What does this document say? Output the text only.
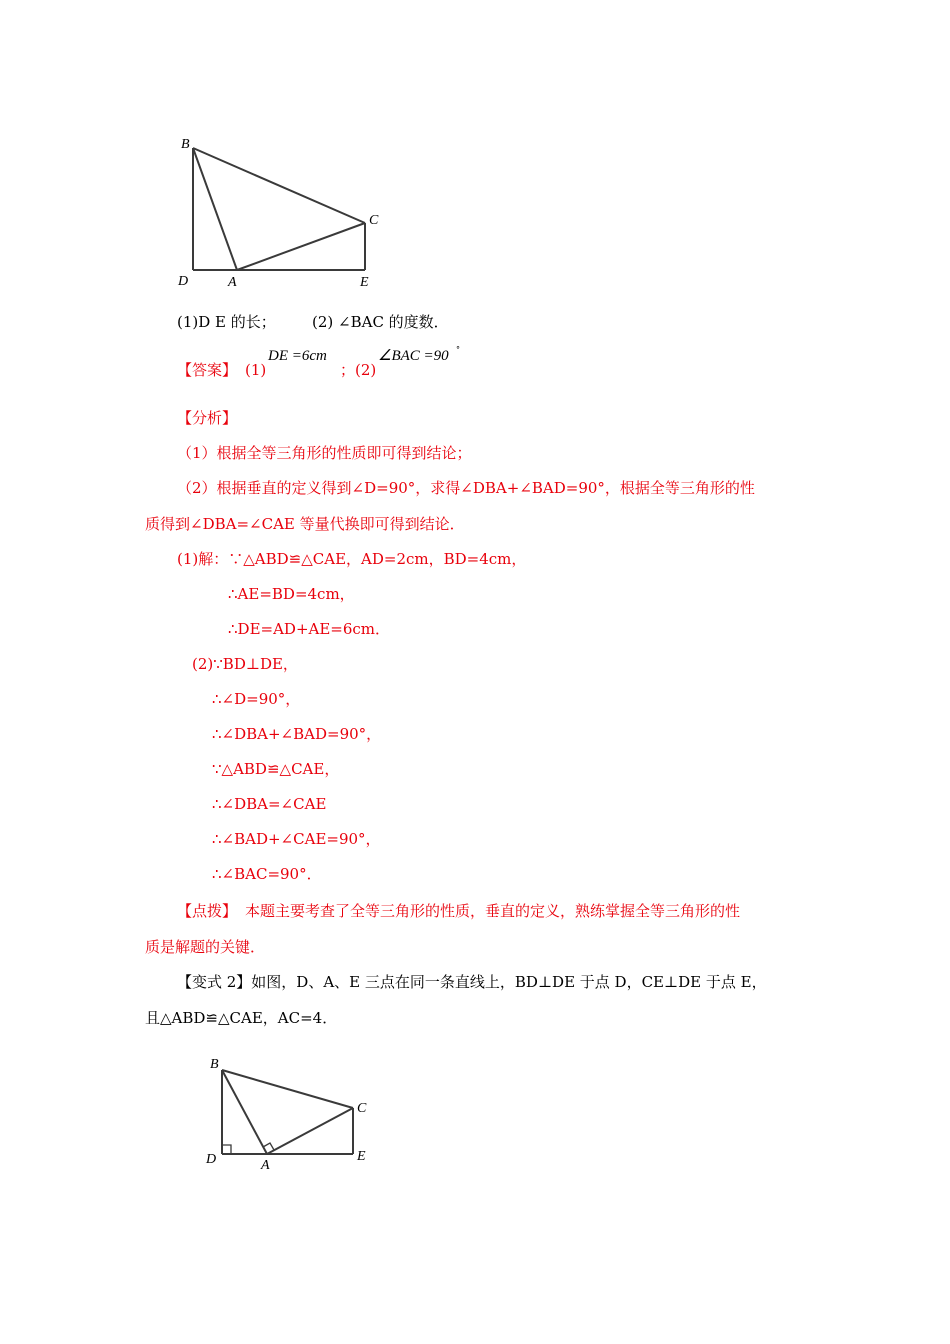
B
C
D	A	E
(1)D E 的长； (2) ∠BAC 的度数．
【答案】 (1)
DE =6cm
；(2)
∠BAC =90 °
【分析】
（1）根据全等三角形的性质即可得到结论；
（2）根据垂直的定义得到∠D=90°，求得∠DBA+∠BAD=90°，根据全等三角形的性
质得到∠DBA=∠CAE 等量代换即可得到结论．
(1)解：∵△ABD≌△CAE，AD=2cm，BD=4cm，
∴AE=BD=4cm，
∴DE=AD+AE=6cm．
(2)∵BD⊥DE，
∴∠D=90°，
∴∠DBA+∠BAD=90°，
∵△ABD≌△CAE，
∴∠DBA=∠CAE
∴∠BAD+∠CAE=90°，
∴∠BAC=90°．
【点拨】 本题主要考查了全等三角形的性质，垂直的定义，熟练掌握全等三角形的性
质是解题的关键．
【变式 2】如图，D、A、E 三点在同一条直线上，BD⊥DE 于点 D，CE⊥DE 于点 E，
且△ABD≌△CAE，AC=4．
B
C
D	A
E
